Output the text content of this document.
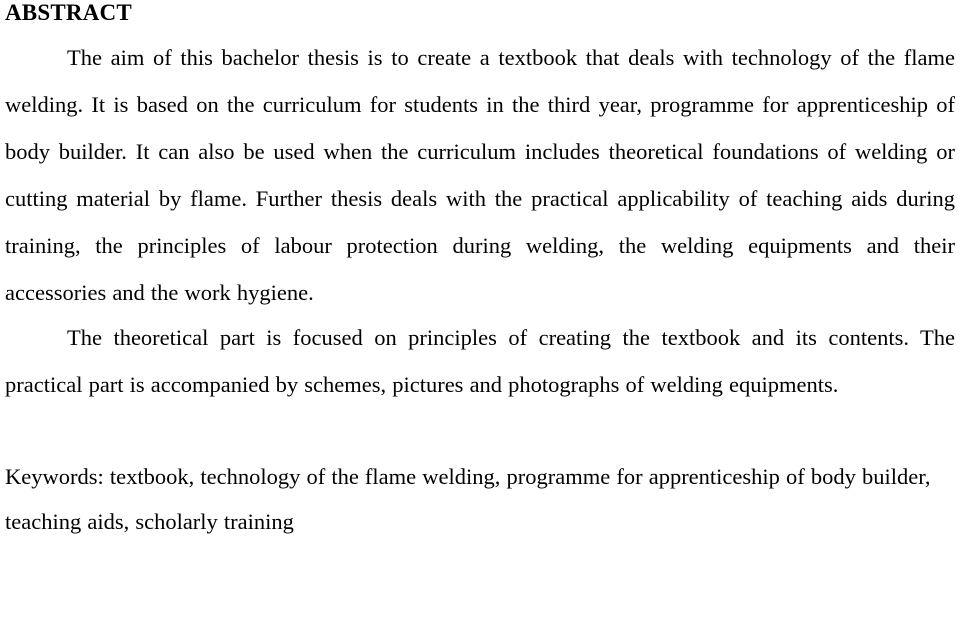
ABSTRACT

The aim of this bachelor thesis is to create a textbook that deals with technology of the flame welding. It is based on the curriculum for students in the third year, programme for apprenticeship of body builder. It can also be used when the curriculum includes theoretical foundations of welding or cutting material by flame. Further thesis deals with the practical applicability of teaching aids during training, the principles of labour protection during welding, the welding equipments and their accessories and the work hygiene.

The theoretical part is focused on principles of creating the textbook and its contents. The practical part is accompanied by schemes, pictures and photographs of welding equipments.

Keywords: textbook, technology of the flame welding, programme for apprenticeship of body builder, teaching aids, scholarly training
